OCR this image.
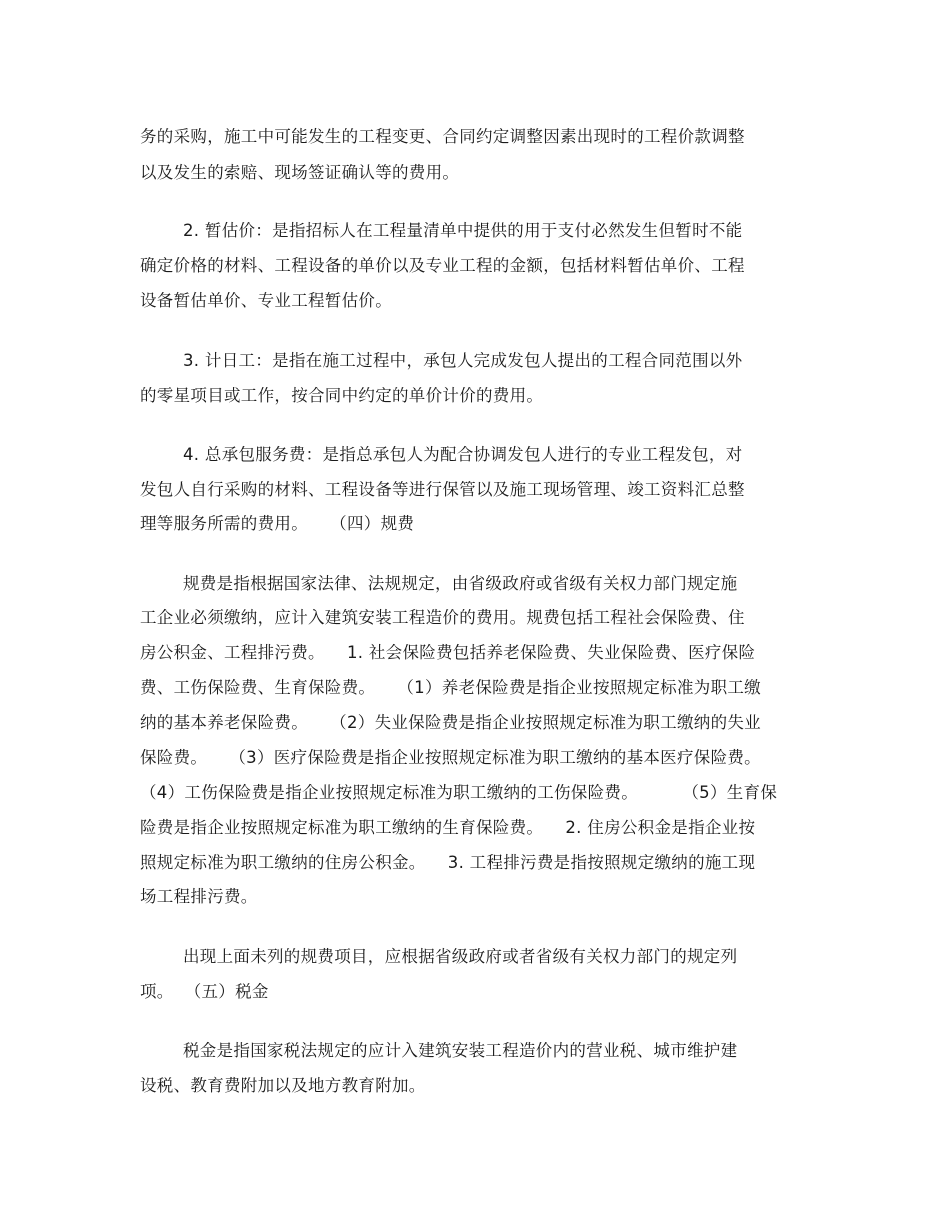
务的采购，施工中可能发生的工程变更、合同约定调整因素出现时的工程价款调整
以及发生的索赔、现场签证确认等的费用。
2. 暂估价：是指招标人在工程量清单中提供的用于支付必然发生但暂时不能
确定价格的材料、工程设备的单价以及专业工程的金额，包括材料暂估单价、工程
设备暂估单价、专业工程暂估价。
3. 计日工：是指在施工过程中，承包人完成发包人提出的工程合同范围以外
的零星项目或工作，按合同中约定的单价计价的费用。
4. 总承包服务费：是指总承包人为配合协调发包人进行的专业工程发包，对
发包人自行采购的材料、工程设备等进行保管以及施工现场管理、竣工资料汇总整
理等服务所需的费用。    （四）规费
规费是指根据国家法律、法规规定，由省级政府或省级有关权力部门规定施
工企业必须缴纳，应计入建筑安装工程造价的费用。规费包括工程社会保险费、住
房公积金、工程排污费。    1. 社会保险费包括养老保险费、失业保险费、医疗保险
费、工伤保险费、生育保险费。    （1）养老保险费是指企业按照规定标准为职工缴
纳的基本养老保险费。    （2）失业保险费是指企业按照规定标准为职工缴纳的失业
保险费。    （3）医疗保险费是指企业按照规定标准为职工缴纳的基本医疗保险费。
（4）工伤保险费是指企业按照规定标准为职工缴纳的工伤保险费。        （5）生育保
险费是指企业按照规定标准为职工缴纳的生育保险费。    2. 住房公积金是指企业按
照规定标准为职工缴纳的住房公积金。    3. 工程排污费是指按照规定缴纳的施工现
场工程排污费。
出现上面未列的规费项目，应根据省级政府或者省级有关权力部门的规定列
项。  （五）税金
税金是指国家税法规定的应计入建筑安装工程造价内的营业税、城市维护建
设税、教育费附加以及地方教育附加。
